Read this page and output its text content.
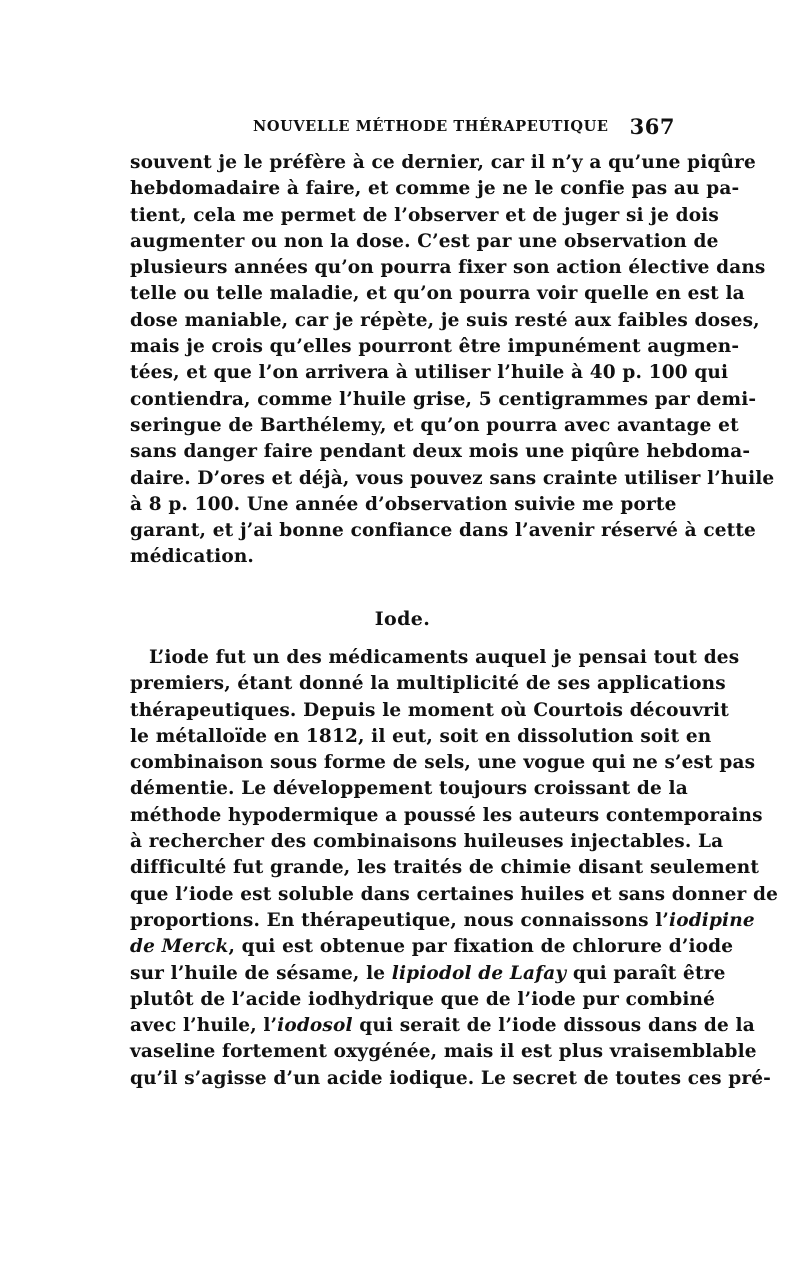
NOUVELLE MÉTHODE THÉRAPEUTIQUE 367
souvent je le préfère à ce dernier, car il n’y a qu’une piqûre
hebdomadaire à faire, et comme je ne le confie pas au pa-
tient, cela me permet de l’observer et de juger si je dois
augmenter ou non la dose. C’est par une observation de
plusieurs années qu’on pourra fixer son action élective dans
telle ou telle maladie, et qu’on pourra voir quelle en est la
dose maniable, car je répète, je suis resté aux faibles doses,
mais je crois qu’elles pourront être impunément augmen-
tées, et que l’on arrivera à utiliser l’huile à 40 p. 100 qui
contiendra, comme l’huile grise, 5 centigrammes par demi-
seringue de Barthélemy, et qu’on pourra avec avantage et
sans danger faire pendant deux mois une piqûre hebdoma-
daire. D’ores et déjà, vous pouvez sans crainte utiliser l’huile
à 8 p. 100. Une année d’observation suivie me porte
garant, et j’ai bonne confiance dans l’avenir réservé à cette
médication.
Iode.
L’iode fut un des médicaments auquel je pensai tout des
premiers, étant donné la multiplicité de ses applications
thérapeutiques. Depuis le moment où Courtois découvrit
le métalloïde en 1812, il eut, soit en dissolution soit en
combinaison sous forme de sels, une vogue qui ne s’est pas
démentie. Le développement toujours croissant de la
méthode hypodermique a poussé les auteurs contemporains
à rechercher des combinaisons huileuses injectables. La
difficulté fut grande, les traités de chimie disant seulement
que l’iode est soluble dans certaines huiles et sans donner de
proportions. En thérapeutique, nous connaissons l’iodipine
de Merck, qui est obtenue par fixation de chlorure d’iode
sur l’huile de sésame, le lipiodol de Lafay qui paraît être
plutôt de l’acide iodhydrique que de l’iode pur combiné
avec l’huile, l’iodosol qui serait de l’iode dissous dans de la
vaseline fortement oxygénée, mais il est plus vraisemblable
qu’il s’agisse d’un acide iodique. Le secret de toutes ces pré-
